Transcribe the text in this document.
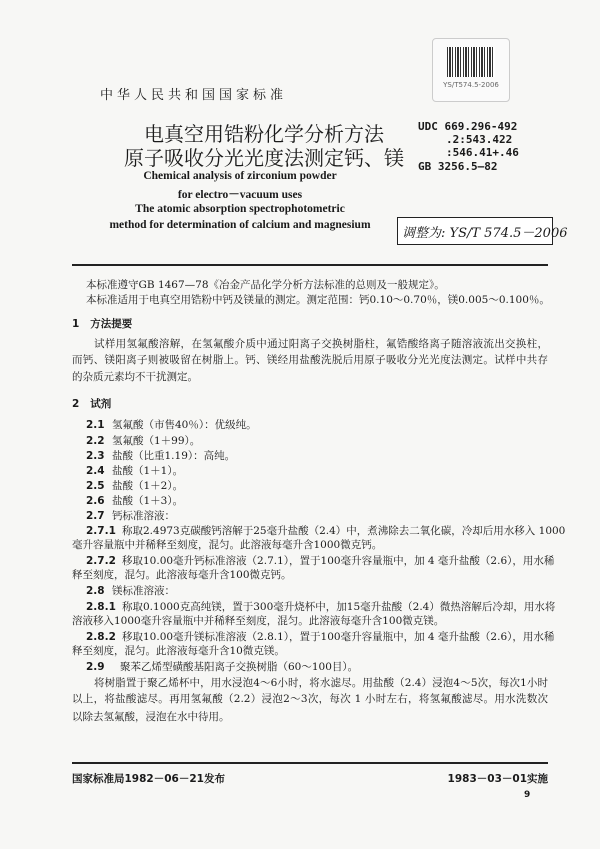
YS/T574.5-2006
中华人民共和国国家标准
电真空用锆粉化学分析方法
原子吸收分光光度法测定钙、镁
Chemical analysis of zirconium powder
for electro－vacuum uses
The atomic absorption spectrophotometric
method for determination of calcium and magnesium
UDC 669.296-492
.2:543.422
:546.41+.46
GB 3256.5—82
调整为: YS/T 574.5－2006
本标准遵守GB 1467—78《冶金产品化学分析方法标准的总则及一般规定》。
本标准适用于电真空用锆粉中钙及镁量的测定。测定范围：钙0.10～0.70％，镁0.005～0.100％。
1 方法提要
试样用氢氟酸溶解，在氢氟酸介质中通过阳离子交换树脂柱，氟锆酸络离子随溶液流出交换柱，
而钙、镁阳离子则被吸留在树脂上。钙、镁经用盐酸洗脱后用原子吸收分光光度法测定。试样中共存
的杂质元素均不干扰测定。
2 试剂
2.1 氢氟酸（市售40％）：优级纯。
2.2 氢氟酸（1＋99）。
2.3 盐酸（比重1.19）：高纯。
2.4 盐酸（1＋1）。
2.5 盐酸（1＋2）。
2.6 盐酸（1＋3）。
2.7 钙标准溶液：
2.7.1 称取2.4973克碳酸钙溶解于25毫升盐酸（2.4）中，煮沸除去二氧化碳，冷却后用水移入 1000
毫升容量瓶中并稀释至刻度，混匀。此溶液每毫升含1000微克钙。
2.7.2 移取10.00毫升钙标准溶液（2.7.1），置于100毫升容量瓶中，加 4 毫升盐酸（2.6），用水稀
释至刻度，混匀。此溶液每毫升含100微克钙。
2.8 镁标准溶液：
2.8.1 称取0.1000克高纯镁，置于300毫升烧杯中，加15毫升盐酸（2.4）微热溶解后冷却，用水将
溶液移入1000毫升容量瓶中并稀释至刻度，混匀。此溶液每毫升含100微克镁。
2.8.2 移取10.00毫升镁标准溶液（2.8.1），置于100毫升容量瓶中，加 4 毫升盐酸（2.6），用水稀
释至刻度，混匀。此溶液每毫升含10微克镁。
2.9 聚苯乙烯型磺酸基阳离子交换树脂（60～100目）。
将树脂置于聚乙烯杯中，用水浸泡4～6小时，将水滤尽。用盐酸（2.4）浸泡4～5次，每次1小时
以上，将盐酸滤尽。再用氢氟酸（2.2）浸泡2～3次，每次 1 小时左右，将氢氟酸滤尽。用水洗数次
以除去氢氟酸，浸泡在水中待用。
国家标准局1982－06－21发布	1983－03－01实施
9
